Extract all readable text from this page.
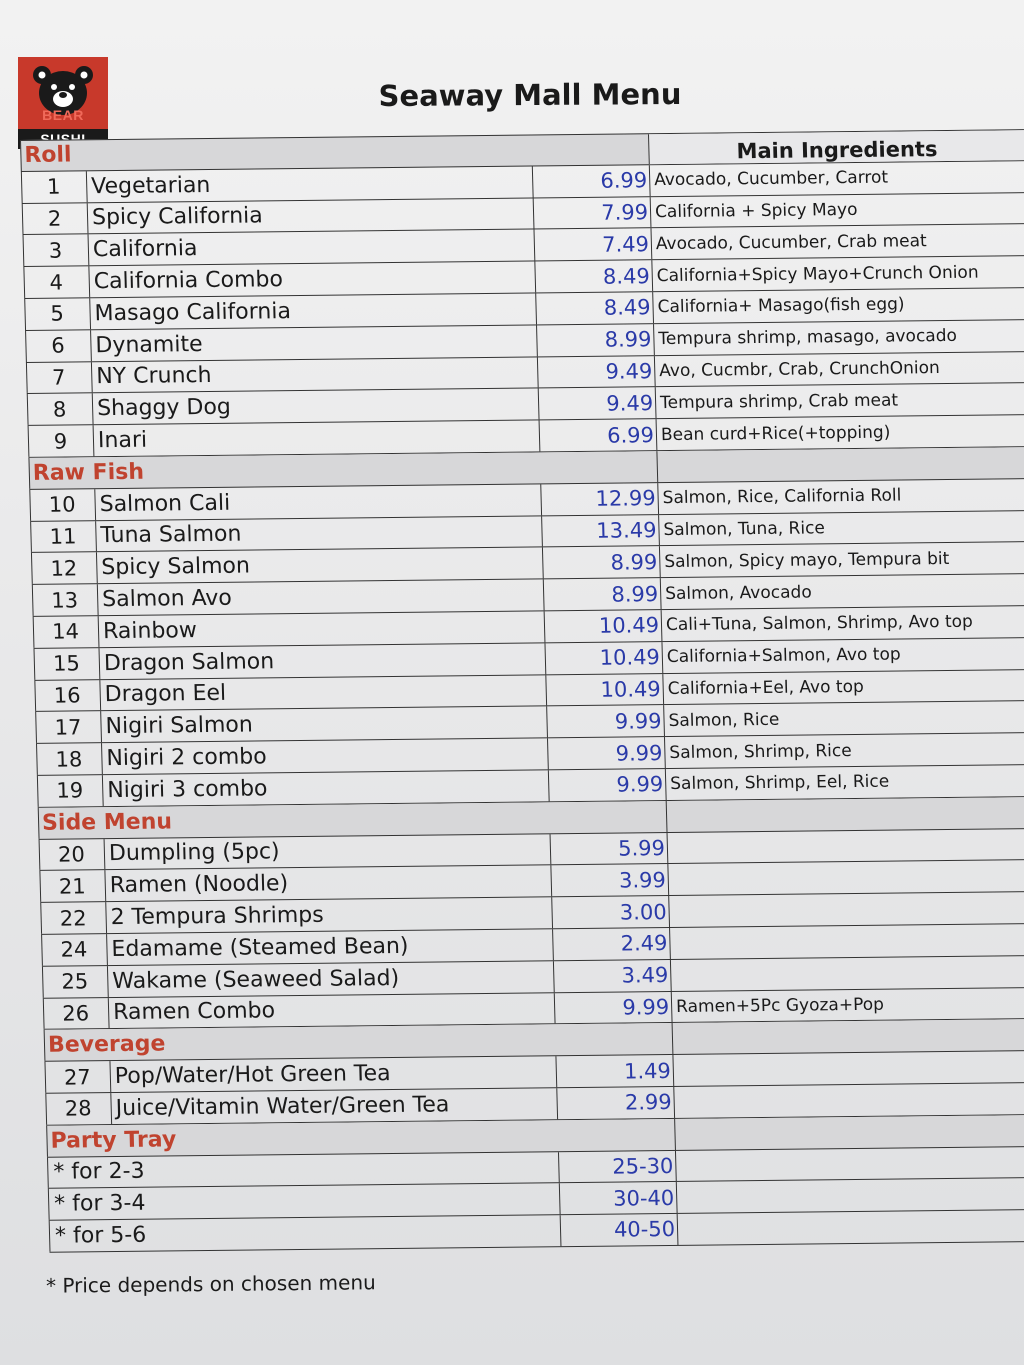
BEAR
Seaway Mall Menu
Roll	Main Ingredients
1	Vegetarian	6.99 Avocado, Cucumber, Carrot
2	Spicy California	7.99 California + Spicy Mayo
3	California	7.49 Avocado, Cucumber, Crab meat
4	California Combo	8.49 California+Spicy Mayo+Crunch Onion
5	Masago California	8.49 California+ Masago(fish egg)
6	Dynamite	8.99 Tempura shrimp, masago, avocado
7	NY Crunch	9.49 Avo, Cucmbr, Crab, CrunchOnion
8	Shaggy Dog	9.49 Tempura shrimp, Crab meat
9	Inari	6.99 Bean curd+Rice(+topping)
Raw Fish
10	Salmon Cali	12.99 Salmon, Rice, California Roll
11	Tuna Salmon	13.49 Salmon, Tuna, Rice
12	Spicy Salmon	8.99 Salmon, Spicy mayo, Tempura bit
13	Salmon Avo	8.99 Salmon, Avocado
14	Rainbow	10.49 Cali+Tuna, Salmon, Shrimp, Avo top
15	Dragon Salmon	10.49 California+Salmon, Avo top
16	Dragon Eel	10.49 California+Eel, Avo top
17	Nigiri Salmon	9.99 Salmon, Rice
18	Nigiri 2 combo	9.99 Salmon, Shrimp, Rice
19	Nigiri 3 combo	9.99 Salmon, Shrimp, Eel, Rice
Side Menu
20	Dumpling (5pc)	5.99
21	Ramen (Noodle)	3.99
22	2 Tempura Shrimps	3.00
24	Edamame (Steamed Bean)	2.49
25	Wakame (Seaweed Salad)	3.49
26	Ramen Combo	9.99 Ramen+5Pc Gyoza+Pop
Beverage
27	Pop/Water/Hot Green Tea	1.49
28	Juice/Vitamin Water/Green Tea	2.99
Party Tray
* for 2-3	25-30
* for 3-4	30-40
* for 5-6	40-50
* Price depends on chosen menu
